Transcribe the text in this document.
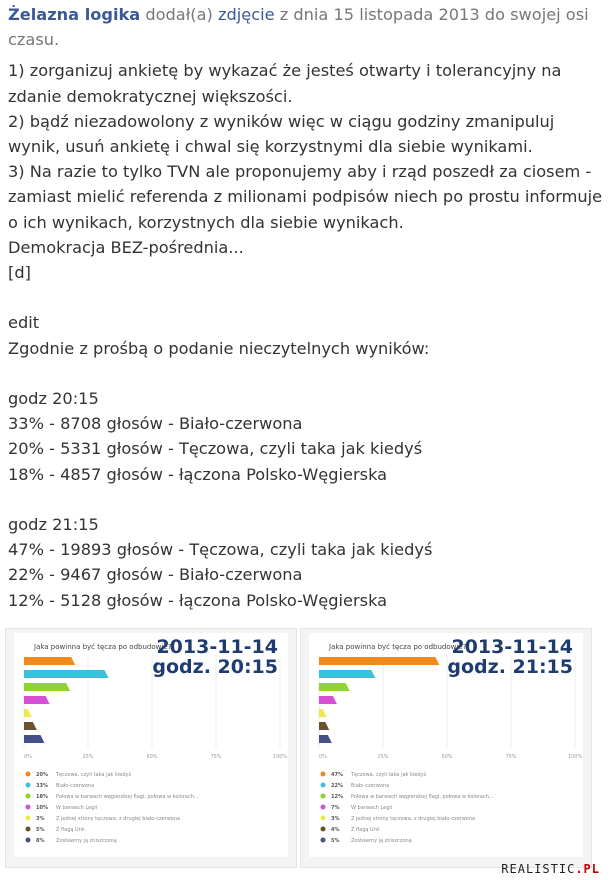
Żelazna logika dodał(a) zdjęcie z dnia 15 listopada 2013 do swojej osi czasu.

1) zorganizuj ankietę by wykazać że jesteś otwarty i tolerancyjny na zdanie demokratycznej większości.

2) bądź niezadowolony z wyników więc w ciągu godziny zmanipuluj wynik, usuń ankietę i chwal się korzystnymi dla siebie wynikami.

3) Na razie to tylko TVN ale proponujemy aby i rząd poszedł za ciosem - zamiast mielić referenda z milionami podpisów niech po prostu informuje o ich wynikach, korzystnych dla siebie wynikach.

Demokracja BEZ-pośrednia...

[d]

edit

Zgodnie z prośbą o podanie nieczytelnych wyników:

godz 20:15

33% - 8708 głosów - Biało-czerwona

20% - 5331 głosów - Tęczowa, czyli taka jak kiedyś

18% - 4857 głosów - łączona Polsko-Węgierska

godz 21:15

47% - 19893 głosów - Tęczowa, czyli taka jak kiedyś

22% - 9467 głosów - Biało-czerwona

12% - 5128 głosów - łączona Polsko-Węgierska

0%	25%	50%	75%	100%
20% Tęczowa, czyli taka jak kiedyś
33% Biało-czerwona
18% Połowa w barwach węgierskiej flagi, połowa w kolorach...
10% W barwach Legii
3% Z jednej strony tęczowa, z drugiej biało-czerwona
5% Z flagą Unii
8% Zostawmy ją zniszczoną
Jaka powinna być tęcza po odbudowie?
2013-11-14
godz. 20:15
0%	25%	50%	75%	100%
47% Tęczowa, czyli taka jak kiedyś
22% Biało-czerwona
12% Połowa w barwach węgierskiej flagi, połowa w kolorach...
7% W barwach Legii
3% Z jednej strony tęczowa, z drugiej biało-czerwona
4% Z flagą Unii
5% Zostawmy ją zniszczoną
Jaka powinna być tęcza po odbudowie?
2013-11-14
godz. 21:15
REALISTIC.PL
